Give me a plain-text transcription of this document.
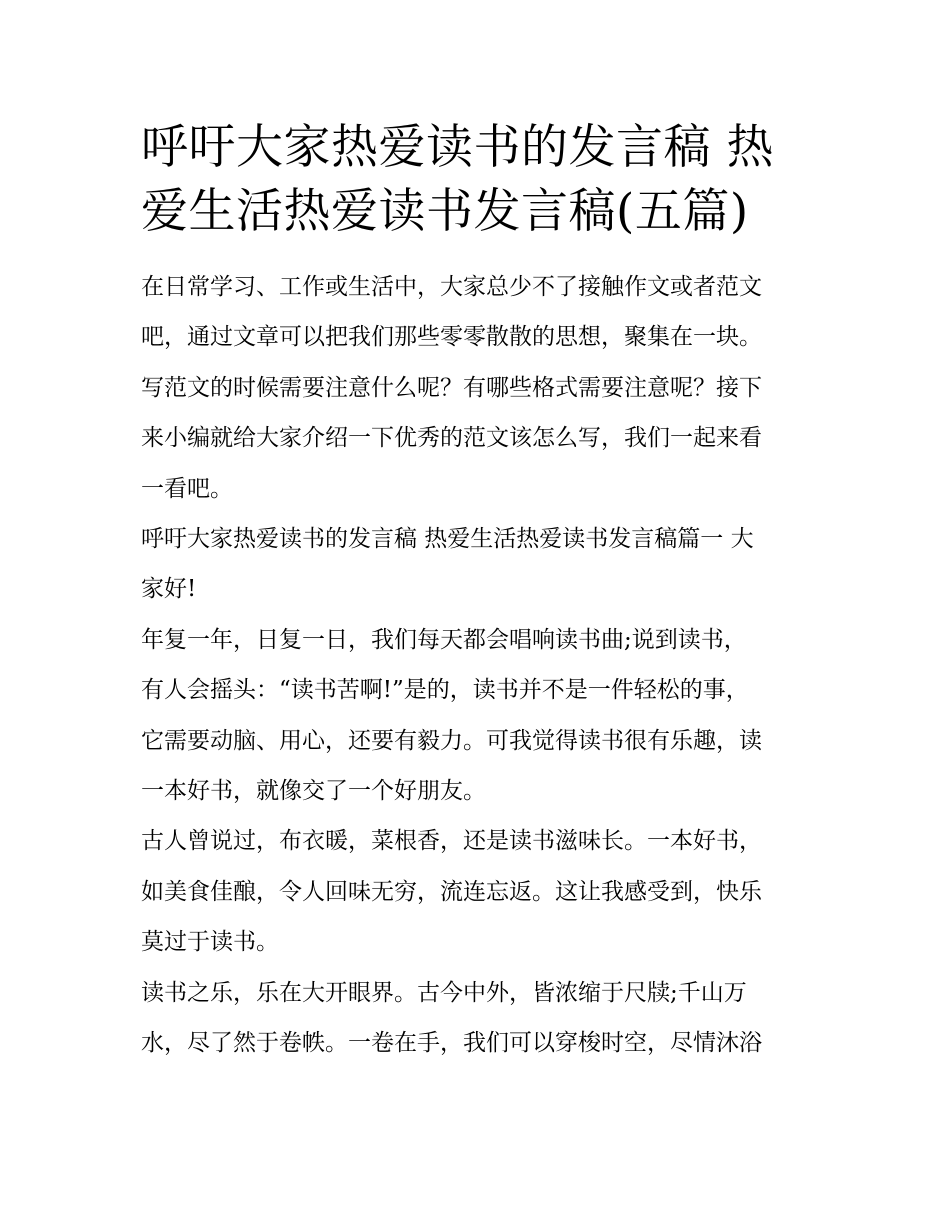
呼吁大家热爱读书的发言稿 热
爱生活热爱读书发言稿(五篇)

在日常学习、工作或生活中，大家总少不了接触作文或者范文
吧，通过文章可以把我们那些零零散散的思想，聚集在一块。
写范文的时候需要注意什么呢？有哪些格式需要注意呢？接下
来小编就给大家介绍一下优秀的范文该怎么写，我们一起来看
一看吧。

呼吁大家热爱读书的发言稿 热爱生活热爱读书发言稿篇一 大
家好!

年复一年，日复一日，我们每天都会唱响读书曲;说到读书，
有人会摇头：“读书苦啊!”是的，读书并不是一件轻松的事，
它需要动脑、用心，还要有毅力。可我觉得读书很有乐趣，读
一本好书，就像交了一个好朋友。

古人曾说过，布衣暖，菜根香，还是读书滋味长。一本好书，
如美食佳酿，令人回味无穷，流连忘返。这让我感受到，快乐
莫过于读书。

读书之乐，乐在大开眼界。古今中外，皆浓缩于尺牍;千山万
水，尽了然于卷帙。一卷在手，我们可以穿梭时空，尽情沐浴
